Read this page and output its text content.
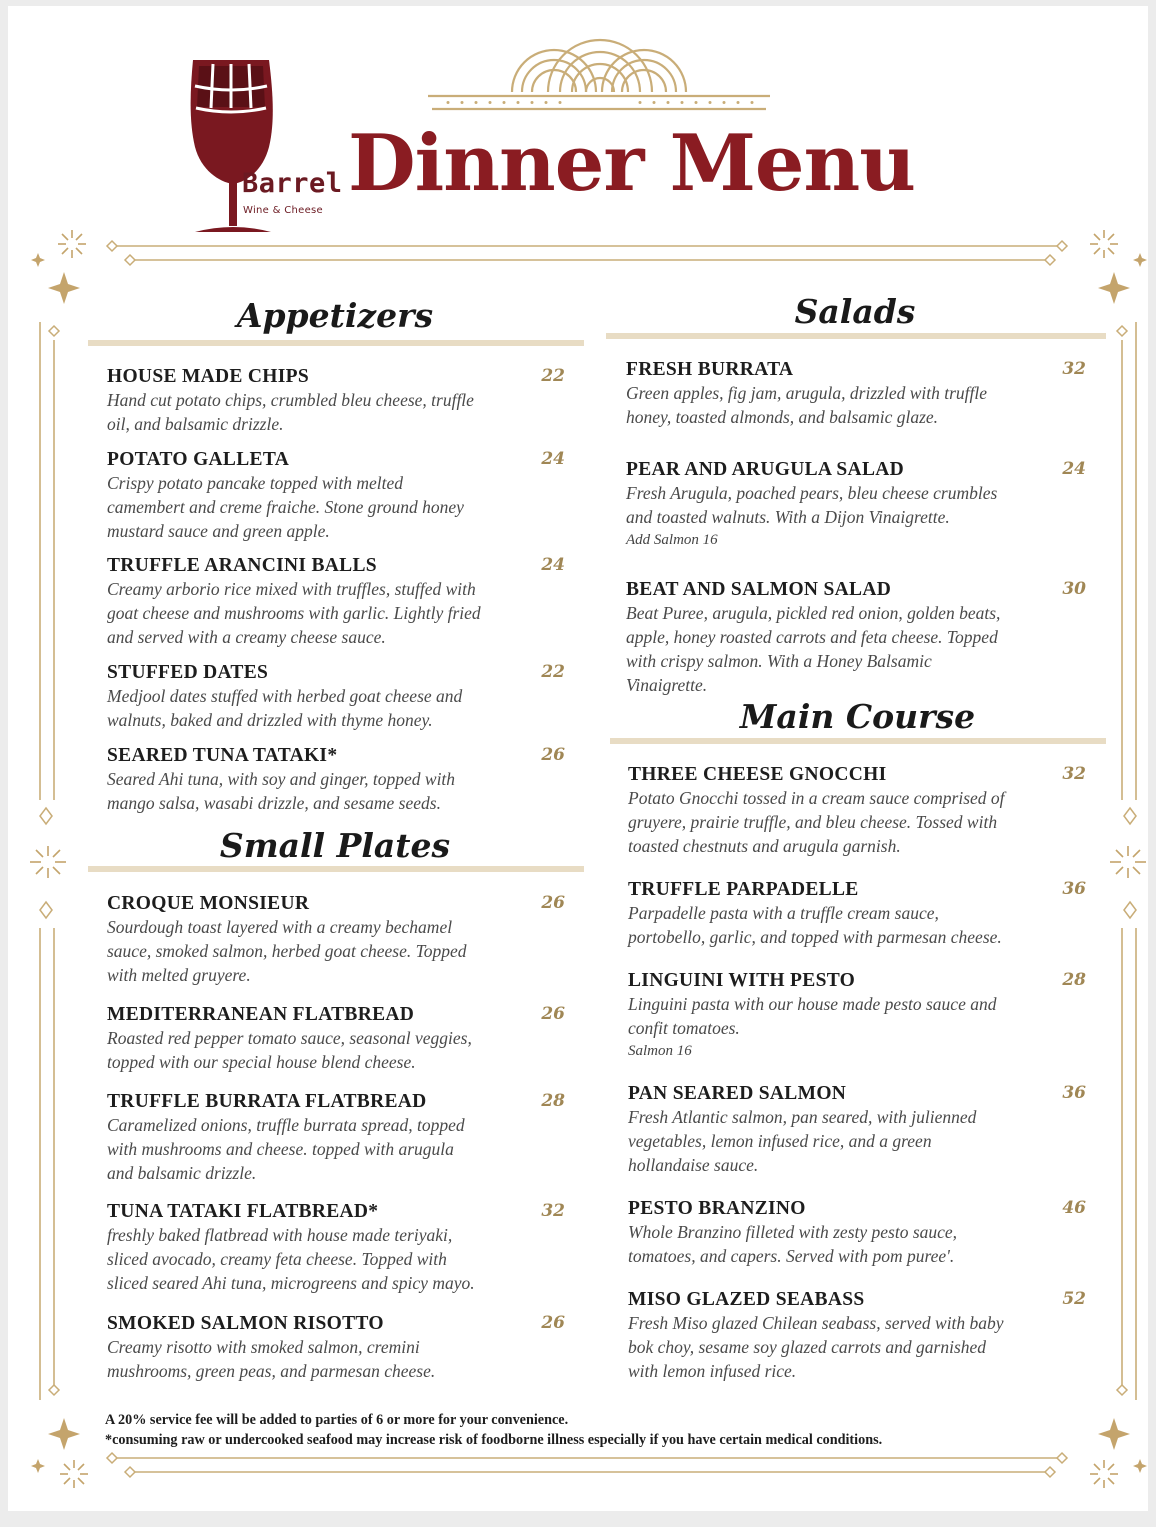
Barrel
Wine & Cheese
Dinner Menu
Appetizers
HOUSE MADE CHIPS	22
Hand cut potato chips, crumbled bleu cheese, truffle
oil, and balsamic drizzle.
POTATO GALLETA	24
Crispy potato pancake topped with melted
camembert and creme fraiche. Stone ground honey
mustard sauce and green apple.
TRUFFLE ARANCINI BALLS	24
Creamy arborio rice mixed with truffles, stuffed with
goat cheese and mushrooms with garlic. Lightly fried
and served with a creamy cheese sauce.
STUFFED DATES	22
Medjool dates stuffed with herbed goat cheese and
walnuts, baked and drizzled with thyme honey.
SEARED TUNA TATAKI*	26
Seared Ahi tuna, with soy and ginger, topped with
mango salsa, wasabi drizzle, and sesame seeds.
Small Plates
CROQUE MONSIEUR	26
Sourdough toast layered with a creamy bechamel
sauce, smoked salmon, herbed goat cheese. Topped
with melted gruyere.
MEDITERRANEAN FLATBREAD	26
Roasted red pepper tomato sauce, seasonal veggies,
topped with our special house blend cheese.
TRUFFLE BURRATA FLATBREAD	28
Caramelized onions, truffle burrata spread, topped
with mushrooms and cheese. topped with arugula
and balsamic drizzle.
TUNA TATAKI FLATBREAD*	32
freshly baked flatbread with house made teriyaki,
sliced avocado, creamy feta cheese. Topped with
sliced seared Ahi tuna, microgreens and spicy mayo.
SMOKED SALMON RISOTTO	26
Creamy risotto with smoked salmon, cremini
mushrooms, green peas, and parmesan cheese.
Salads
FRESH BURRATA	32
Green apples, fig jam, arugula, drizzled with truffle
honey, toasted almonds, and balsamic glaze.
PEAR AND ARUGULA SALAD	24
Fresh Arugula, poached pears, bleu cheese crumbles
and toasted walnuts. With a Dijon Vinaigrette.
Add Salmon 16
BEAT AND SALMON SALAD	30
Beat Puree, arugula, pickled red onion, golden beats,
apple, honey roasted carrots and feta cheese. Topped
with crispy salmon. With a Honey Balsamic
Vinaigrette.
Main Course
THREE CHEESE GNOCCHI	32
Potato Gnocchi tossed in a cream sauce comprised of
gruyere, prairie truffle, and bleu cheese. Tossed with
toasted chestnuts and arugula garnish.
TRUFFLE PARPADELLE	36
Parpadelle pasta with a truffle cream sauce,
portobello, garlic, and topped with parmesan cheese.
LINGUINI WITH PESTO	28
Linguini pasta with our house made pesto sauce and
confit tomatoes.
Salmon 16
PAN SEARED SALMON	36
Fresh Atlantic salmon, pan seared, with julienned
vegetables, lemon infused rice, and a green
hollandaise sauce.
PESTO BRANZINO	46
Whole Branzino filleted with zesty pesto sauce,
tomatoes, and capers. Served with pom puree'.
MISO GLAZED SEABASS	52
Fresh Miso glazed Chilean seabass, served with baby
bok choy, sesame soy glazed carrots and garnished
with lemon infused rice.
A 20% service fee will be added to parties of 6 or more for your convenience.
*consuming raw or undercooked seafood may increase risk of foodborne illness especially if you have certain medical conditions.
